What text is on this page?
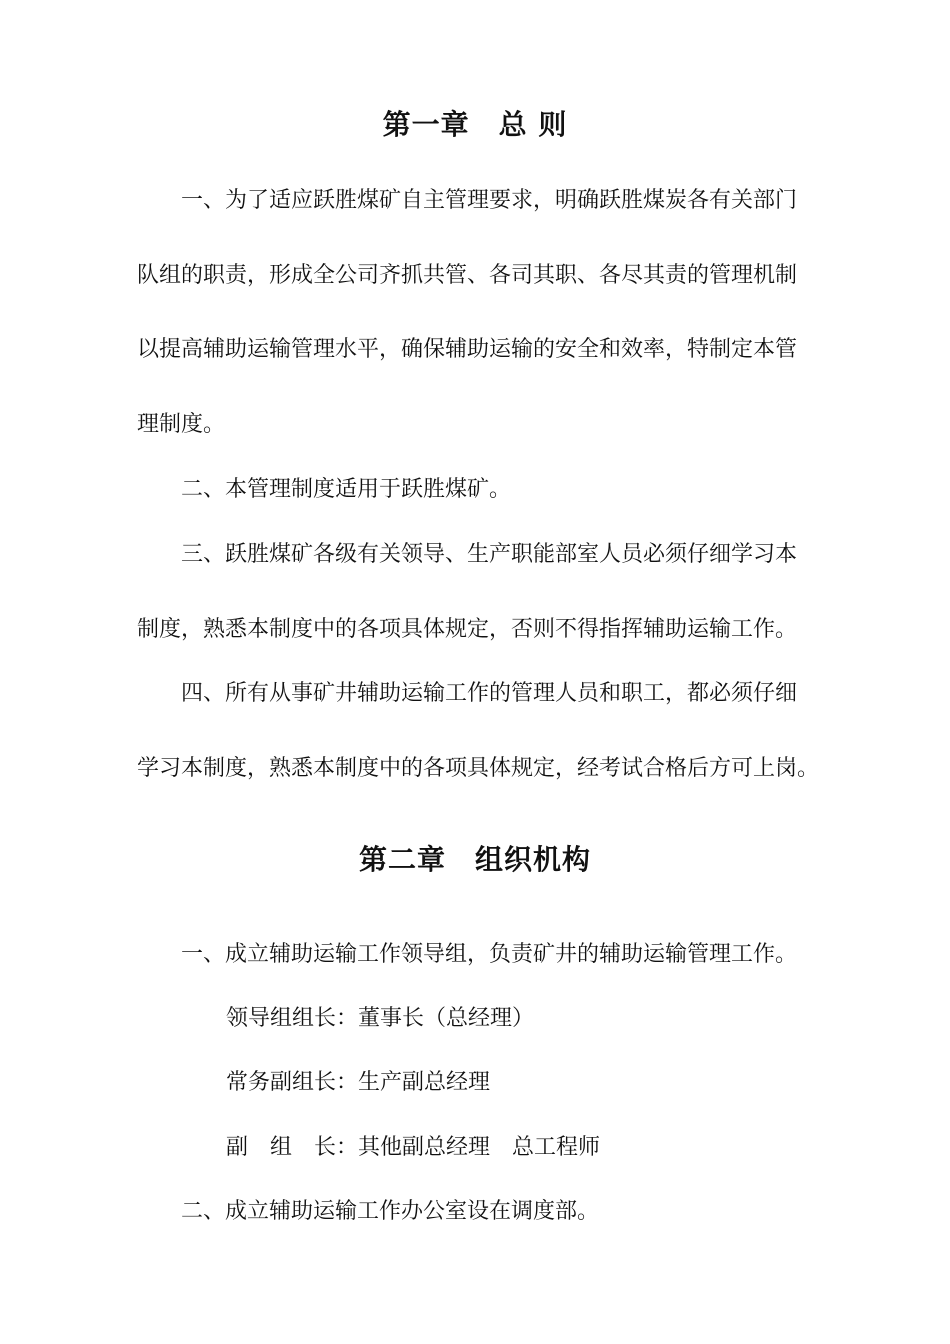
第一章　总 则

一、为了适应跃胜煤矿自主管理要求，明确跃胜煤炭各有关部门

队组的职责，形成全公司齐抓共管、各司其职、各尽其责的管理机制

以提高辅助运输管理水平，确保辅助运输的安全和效率，特制定本管

理制度。

二、本管理制度适用于跃胜煤矿。

三、跃胜煤矿各级有关领导、生产职能部室人员必须仔细学习本

制度，熟悉本制度中的各项具体规定，否则不得指挥辅助运输工作。

四、所有从事矿井辅助运输工作的管理人员和职工，都必须仔细

学习本制度，熟悉本制度中的各项具体规定，经考试合格后方可上岗。

第二章　组织机构

一、成立辅助运输工作领导组，负责矿井的辅助运输管理工作。

领导组组长：董事长（总经理）

常务副组长：生产副总经理

副　组　长：其他副总经理　总工程师

二、成立辅助运输工作办公室设在调度部。
